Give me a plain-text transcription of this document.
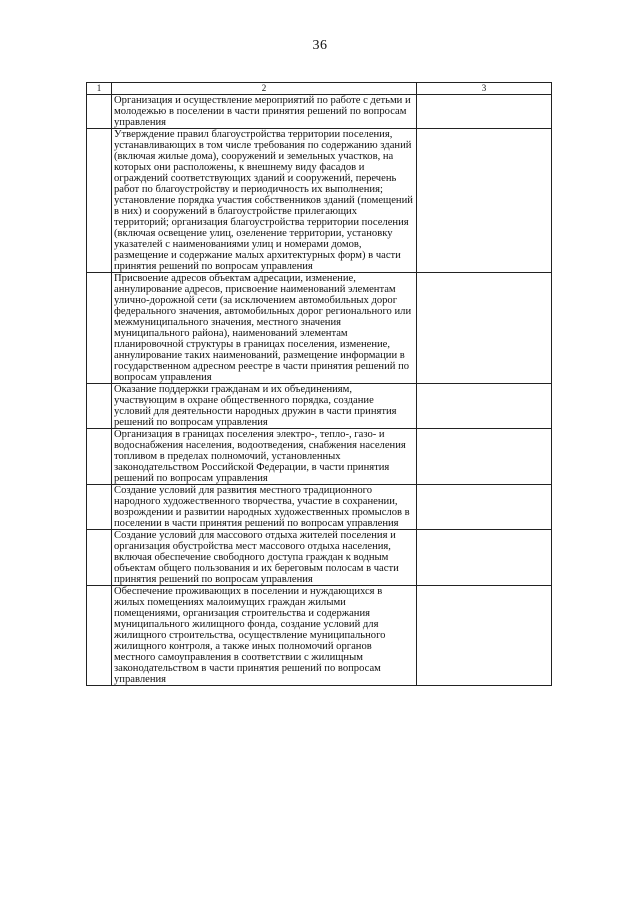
36
1	2	3
	Организация и осуществление мероприятий по работе с детьми и молодежью в поселении в части принятия решений по вопросам управления	
	Утверждение правил благоустройства территории поселения, устанавливающих в том числе требования по содержанию зданий (включая жилые дома), сооружений и земельных участков, на которых они расположены, к внешнему виду фасадов и ограждений соответствующих зданий и сооружений, перечень работ по благоустройству и периодичность их выполнения; установление порядка участия собственников зданий (помещений в них) и сооружений в благоустройстве прилегающих территорий; организация благоустройства территории поселения (включая освещение улиц, озеленение территории, установку указателей с наименованиями улиц и номерами домов, размещение и содержание малых архитектурных форм) в части принятия решений по вопросам управления	
	Присвоение адресов объектам адресации, изменение, аннулирование адресов, присвоение наименований элементам улично-дорожной сети (за исключением автомобильных дорог федерального значения, автомобильных дорог регионального или межмуниципального значения, местного значения муниципального района), наименований элементам планировочной структуры в границах поселения, изменение, аннулирование таких наименований, размещение информации в государственном адресном реестре в части принятия решений по вопросам управления	
	Оказание поддержки гражданам и их объединениям, участвующим в охране общественного порядка, создание условий для деятельности народных дружин в части принятия решений по вопросам управления	
	Организация в границах поселения электро-, тепло-, газо- и водоснабжения населения, водоотведения, снабжения населения топливом в пределах полномочий, установленных законодательством Российской Федерации, в части принятия решений по вопросам управления	
	Создание условий для развития местного традиционного народного художественного творчества, участие в сохранении, возрождении и развитии народных художественных промыслов в поселении в части принятия решений по вопросам управления	
	Создание условий для массового отдыха жителей поселения и организация обустройства мест массового отдыха населения, включая обеспечение свободного доступа граждан к водным объектам общего пользования и их береговым полосам в части принятия решений по вопросам управления	
	Обеспечение проживающих в поселении и нуждающихся в жилых помещениях малоимущих граждан жилыми помещениями, организация строительства и содержания муниципального жилищного фонда, создание условий для жилищного строительства, осуществление муниципального жилищного контроля, а также иных полномочий органов местного самоуправления в соответствии с жилищным законодательством в части принятия решений по вопросам управления	
